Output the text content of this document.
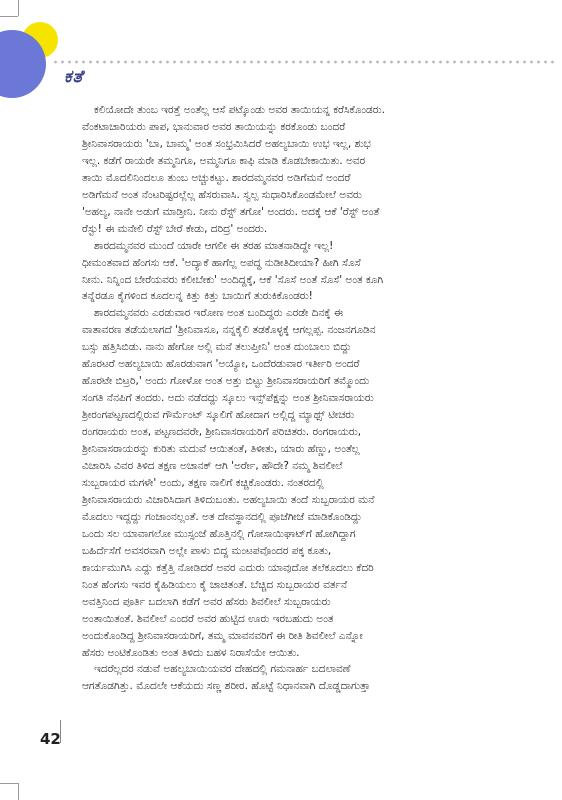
ಕತೆ
ಕಲಿಯೋದೇ ತುಂಬ ಇರತ್ತೆ ಅಂತೆಲ್ಲ ಆಸೆ ಪಟ್ಕೊಂಡು ಅವರ ತಾಯಿಯನ್ನ ಕರೆಸಿಕೊಂಡರು.
ವೆಂಕಟಾಚಾರಿಯರು ಪಾಪ, ಭಾನುವಾರ ಅವರ ತಾಯಿಯನ್ನು ಕರಕೊಂಡು ಬಂದರೆ
ಶ್ರೀನಿವಾಸರಾಯರು 'ಬಾ, ಬಾಮ್ಮ' ಅಂತ ಸಂಭ್ರಮಿಸಿದರೆ ಅಹಲ್ಯಬಾಯಿ ಉಭ ಇಲ್ಲ, ಶುಭ
ಇಲ್ಲ. ಕಡೆಗೆ ರಾಯರೇ ತಮ್ಮನಿಗೂ, ಅಮ್ಮನಿಗೂ ಕಾಫಿ ಮಾಡಿ ಕೊಡಬೇಕಾಯಿತು. ಅವರ
ತಾಯಿ ಮೊದಲಿನಿಂದಲೂ ತುಂಬ ಅಚ್ಚುಕಟ್ಟು. ಶಾರದಮ್ಮನವರ ಅಡಿಗೆಮನೆ ಅಂದರೆ
ಅಡಿಗೆಮನೆ ಅಂತ ನೆಂಟರಿಷ್ಟರಲ್ಲೆಲ್ಲ ಹೆಸರುವಾಸಿ. ಸ್ವಲ್ಪ ಸುಧಾರಿಸಿಕೊಂಡಮೇಲೆ ಅವರು
'ಅಹಲ್ಯ, ನಾನೇ ಅಡುಗೆ ಮಾಡ್ತೀನಿ. ನೀನು ರೆಸ್ಟ್ ತಗೋ' ಅಂದರು. ಅದಕ್ಕೆ ಆಕೆ 'ರೆಸ್ಟ್ ಅಂತೆ
ರೆಸ್ಟು! ಈ ಮನೇಲಿ ರೆಸ್ಟ್ ಬೇರೆ ಕೇಡು, ದರಿದ್ರ' ಅಂದರು.
ಶಾರದಮ್ಮನವರ ಮುಂದೆ ಯಾರೇ ಆಗಲೀ ಈ ತರಹ ಮಾತನಾಡಿದ್ದೇ ಇಲ್ಲ!
ಧೀಮಂತವಾದ ಹೆಂಗಸು ಆಕೆ. 'ಅದ್ಯಾಕೆ ಹಾಗೆಲ್ಲ ಅಪದ್ಧ ನುಡೀತಿದೀಯಾ? ಹೀಗಿ ಸೊಸೆ
ನೀನು. ನಿನ್ನಿಂದ ಬೇರೆಯವರು ಕಲೀಬೇಕು' ಅಂದಿದ್ದಕ್ಕೆ, ಆಕೆ 'ಸೊಸೆ ಅಂತೆ ಸೊಸೆ' ಅಂತ ಕೂಗಿ
ತನ್ನೆರಡೂ ಕೈಗಳಿಂದ ಕೂದಲನ್ನ ಕಿತ್ತು ಕಿತ್ತು ಬಾಯಿಗೆ ತುರುಕಿಕೊಂಡರು!
ಶಾರದಮ್ಮನವರು ಎರಡುವಾರ ಇರೋಣ ಅಂತ ಬಂದಿದ್ದರು ಎರಡೇ ದಿನಕ್ಕೆ ಈ
ವಾತಾವರಣ ತಡೆಯಲಾಗದೆ 'ಶ್ರೀನಿವಾಸೂ, ನನ್ನಕೈಲಿ ತಡಕೊಳ್ಳಕ್ಕೆ ಆಗಲ್ಲಪ್ಪ. ನಂಜನಗೂಡಿನ
ಬಸ್ಸು ಹತ್ತಿಸಿಬಿಡು. ನಾನು ಹೇಗೋ ಅಲ್ಲಿ ಮನೆ ತಲುಪ್ತೀನಿ' ಅಂತ ದುಂಬಾಲು ಬಿದ್ದು
ಹೊರಟರೆ ಅಹಲ್ಯಬಾಯಿ ಹೊರಡುವಾಗ 'ಅಯ್ಯೋ, ಒಂದೆರಡುವಾರ ಇರ್ತೀರಿ ಅಂದರೆ
ಹೊರಟೇ ಬಿಟ್ರರಿ,' ಅಂದು ಗೋಳೋ ಅಂತ ಅತ್ತು ಬಿಟ್ಟು ಶ್ರೀನಿವಾಸರಾಯರಿಗೆ ತಮ್ಮೊಂದು
ಸಂಗತಿ ನೆನಪಿಗೆ ತಂದರು. ಅದು ನಡೆದದ್ದು ಸ್ಕೂಲು ಇನ್ಸ್‌ಪೆಕ್ಷನ್ನು ಅಂತ ಶ್ರೀನಿವಾಸರಾಯರು
ಶ್ರೀರಂಗಪಟ್ಟಣದಲ್ಲಿರುವ ಗೌರ್ಮೆಂಟ್ ಸ್ಕೂಲಿಗೆ ಹೋದಾಗ ಅಲ್ಲಿದ್ದ ಮ್ಯಾಥ್ಸ್ ಟೀಚರು
ರಂಗರಾಯರು ಅಂತ, ಪಟ್ಟಣದವರೇ, ಶ್ರೀನಿವಾಸರಾಯರಿಗೆ ಪರಿಚಿತರು. ರಂಗರಾಯರು,
ಶ್ರೀನಿವಾಸರಾಯರನ್ನು ಕುರಿತು ಮದುವೆ ಆಯಿತಂತೆ, ತಿಳೀತು, ಯಾರು ಹೆಣ್ಣು, ಅಂತೆಲ್ಲ
ವಿಚಾರಿಸಿ ವಿವರ ತಿಳಿದ ತಕ್ಷಣ ಅಚಾನಕ್ ಆಗಿ 'ಅರ್ರೇ, ಹೌದೇ? ನಮ್ಮ ಶಿವಲೀಲೆ
ಸುಬ್ಬರಾಯರ ಮಗಳೇ' ಅಂದು, ತಕ್ಷಣ ನಾಲಿಗೆ ಕಚ್ಚಿಕೊಂಡರು. ನಂತರದಲ್ಲಿ
ಶ್ರೀನಿವಾಸರಾಯರು ವಿಚಾರಿಸಿದಾಗ ತಿಳಿದುಬಂತು. ಅಹಲ್ಯಬಾಯಿ ತಂದೆ ಸುಬ್ಬರಾಯರ ಮನೆ
ಮೊದಲು ಇದ್ದದ್ದು ಗಂಜಾಂನಲ್ಲಂತೆ. ಅತ ದೇವಸ್ಥಾನದಲ್ಲಿ ಪೂಜೆಗೀಜೆ ಮಾಡಿಕೊಂಡಿದ್ದು
ಒಂದು ಸಲ ಯಾವಾಗಲೋ ಮುಸ್ಸಂಜೆ ಹೊತ್ತಿನಲ್ಲಿ ಗೋಸಾಯಿಘಾಟ್‌ಗೆ ಹೋಗಿದ್ದಾಗ
ಬಹಿರ್ದೆಸೆಗೆ ಅವಸರವಾಗಿ ಅಲ್ಲೇ ಪಾಳು ಬಿದ್ದ ಮಂಟಪವೊಂದರ ಪಕ್ಕ ಕೂತು,
ಕಾರ್ಯಮುಗಿಸಿ ಎದ್ದು ಕತ್ತೆತ್ತಿ ನೋಡಿದರೆ ಅವರ ಎದುರು ಯಾವುದೋ ತಲೆಕೂದಲು ಕೆದರಿ
ನಿಂತ ಹೆಂಗಸು ಇವರ ಕೈಹಿಡಿಯಲು ಕೈ ಚಾಚಿತಂತೆ. ಬೆಚ್ಚಿದ ಸುಬ್ಬರಾಯರ ವರ್ತನೆ
ಅವತ್ತಿನಿಂದ ಪೂರ್ತಿ ಬದಲಾಗಿ ಕಡೆಗೆ ಅವರ ಹೆಸರು ಶಿವಲೀಲೆ ಸುಬ್ಬರಾಯರು
ಅಂತಾಯಿತಂತೆ. ಶಿವಲೀಲೆ ಎಂದರೆ ಅವರ ಹುಟ್ಟಿದ ಊರು ಇರಬಹುದು ಅಂತ
ಅಂದುಕೊಂಡಿದ್ದ ಶ್ರೀನಿವಾಸರಾಯರಿಗೆ, ತಮ್ಮ ಮಾವನವರಿಗೆ ಈ ರೀತಿ ಶಿವಲೀಲೆ ಎನ್ನೋ
ಹೆಸರು ಅಂಟಿಕೊಂಡಿತು ಅಂತ ತಿಳಿದು ಬಹಳ ನಿರಾಸೆಯೇ ಆಯಿತು.
ಇದರೆಲ್ಲದರ ನಡುವೆ ಅಹಲ್ಯಬಾಯಿಯವರ ದೇಹದಲ್ಲಿ ಗಮನಾರ್ಹ ಬದಲಾವಣೆ
ಆಗತೊಡಗಿತ್ತು. ಮೊದಲೇ ಆಕೆಯದು ಸಣ್ಣ ಶರೀರ. ಹೊಟ್ಟೆ ನಿಧಾನವಾಗಿ ದೊಡ್ಡದಾಗುತ್ತಾ
42
